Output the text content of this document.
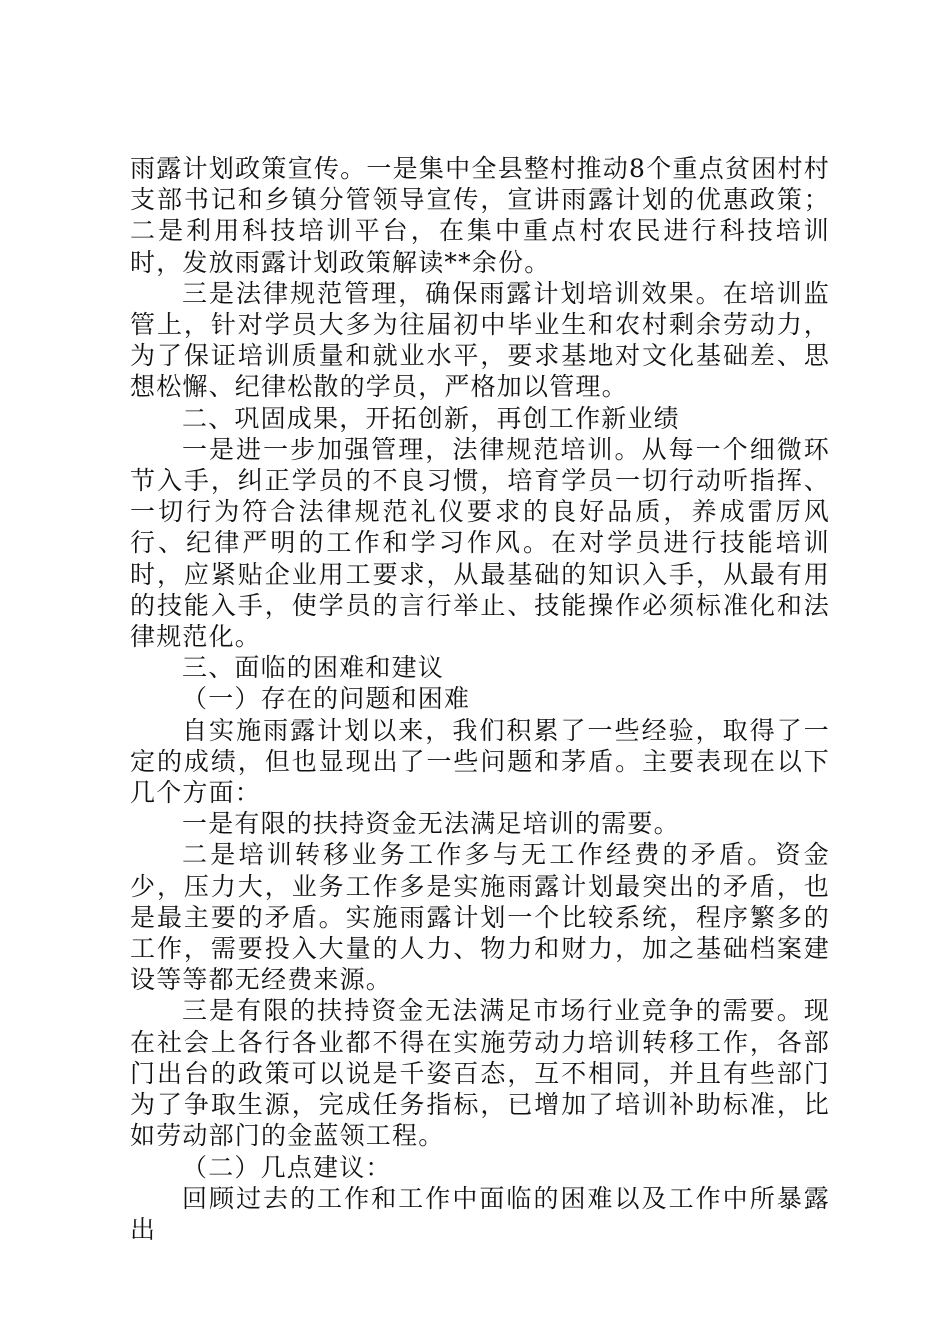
雨露计划政策宣传。一是集中全县整村推动8个重点贫困村村支部书记和乡镇分管领导宣传，宣讲雨露计划的优惠政策；二是利用科技培训平台，在集中重点村农民进行科技培训时，发放雨露计划政策解读**余份。

三是法律规范管理，确保雨露计划培训效果。在培训监管上，针对学员大多为往届初中毕业生和农村剩余劳动力，为了保证培训质量和就业水平，要求基地对文化基础差、思想松懈、纪律松散的学员，严格加以管理。

二、巩固成果，开拓创新，再创工作新业绩

一是进一步加强管理，法律规范培训。从每一个细微环节入手，纠正学员的不良习惯，培育学员一切行动听指挥、一切行为符合法律规范礼仪要求的良好品质，养成雷厉风行、纪律严明的工作和学习作风。在对学员进行技能培训时，应紧贴企业用工要求，从最基础的知识入手，从最有用的技能入手，使学员的言行举止、技能操作必须标准化和法律规范化。

三、面临的困难和建议

（一）存在的问题和困难

自实施雨露计划以来，我们积累了一些经验，取得了一定的成绩，但也显现出了一些问题和茅盾。主要表现在以下几个方面：

一是有限的扶持资金无法满足培训的需要。

二是培训转移业务工作多与无工作经费的矛盾。资金少，压力大，业务工作多是实施雨露计划最突出的矛盾，也是最主要的矛盾。实施雨露计划一个比较系统，程序繁多的工作，需要投入大量的人力、物力和财力，加之基础档案建设等等都无经费来源。

三是有限的扶持资金无法满足市场行业竞争的需要。现在社会上各行各业都不得在实施劳动力培训转移工作，各部门出台的政策可以说是千姿百态，互不相同，并且有些部门为了争取生源，完成任务指标，已增加了培训补助标准，比如劳动部门的金蓝领工程。

（二）几点建议：

回顾过去的工作和工作中面临的困难以及工作中所暴露出
